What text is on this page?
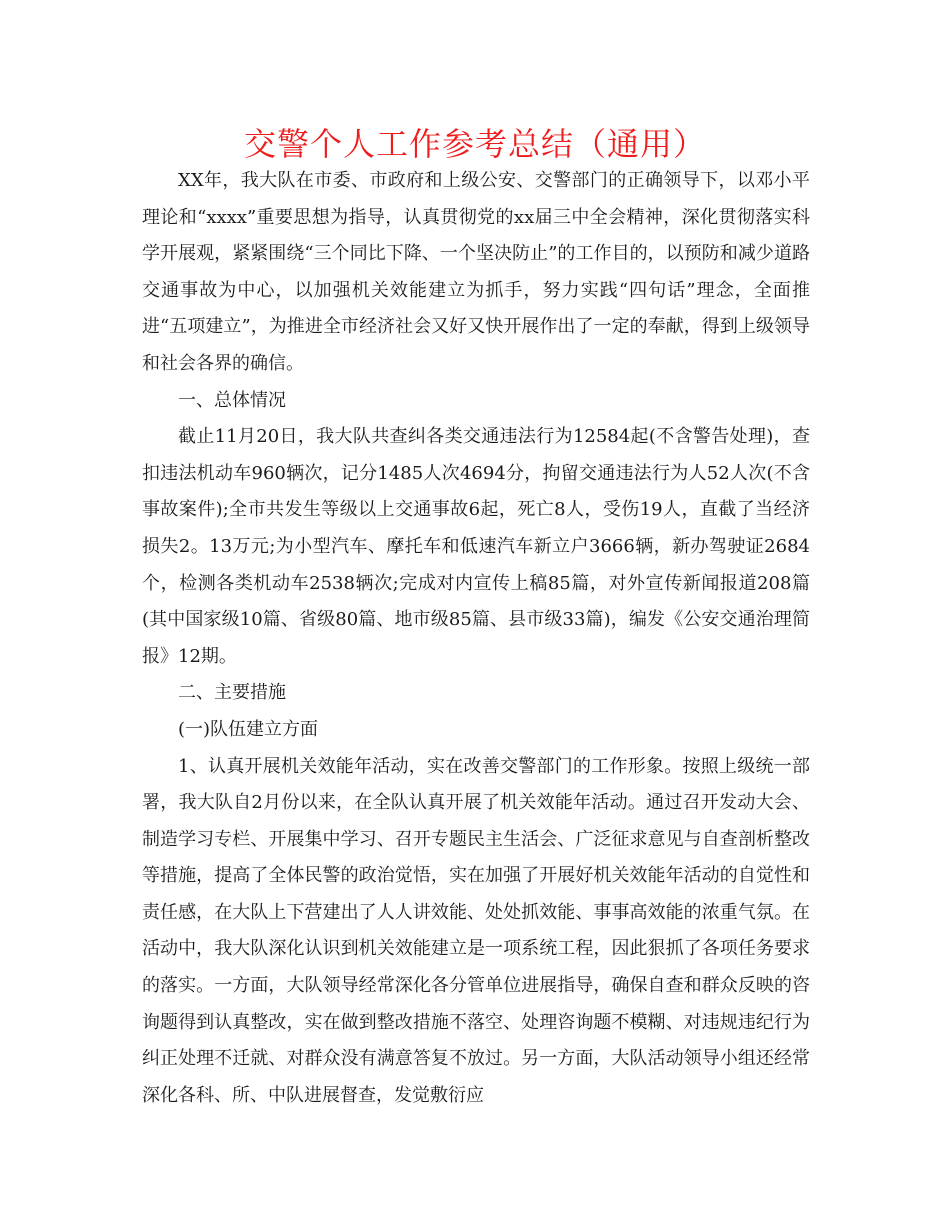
交警个人工作参考总结（通用）

XX年，我大队在市委、市政府和上级公安、交警部门的正确领导下，以邓小平理论和“xxxx”重要思想为指导，认真贯彻党的xx届三中全会精神，深化贯彻落实科学开展观，紧紧围绕“三个同比下降、一个坚决防止”的工作目的，以预防和减少道路交通事故为中心，以加强机关效能建立为抓手，努力实践“四句话”理念，全面推进“五项建立”，为推进全市经济社会又好又快开展作出了一定的奉献，得到上级领导和社会各界的确信。

一、总体情况

截止11月20日，我大队共查纠各类交通违法行为12584起(不含警告处理)，查扣违法机动车960辆次，记分1485人次4694分，拘留交通违法行为人52人次(不含事故案件);全市共发生等级以上交通事故6起，死亡8人，受伤19人，直截了当经济损失2。13万元;为小型汽车、摩托车和低速汽车新立户3666辆，新办驾驶证2684个，检测各类机动车2538辆次;完成对内宣传上稿85篇，对外宣传新闻报道208篇(其中国家级10篇、省级80篇、地市级85篇、县市级33篇)，编发《公安交通治理简报》12期。

二、主要措施

(一)队伍建立方面

1、认真开展机关效能年活动，实在改善交警部门的工作形象。按照上级统一部署，我大队自2月份以来，在全队认真开展了机关效能年活动。通过召开发动大会、制造学习专栏、开展集中学习、召开专题民主生活会、广泛征求意见与自查剖析整改等措施，提高了全体民警的政治觉悟，实在加强了开展好机关效能年活动的自觉性和责任感，在大队上下营建出了人人讲效能、处处抓效能、事事高效能的浓重气氛。在活动中，我大队深化认识到机关效能建立是一项系统工程，因此狠抓了各项任务要求的落实。一方面，大队领导经常深化各分管单位进展指导，确保自查和群众反映的咨询题得到认真整改，实在做到整改措施不落空、处理咨询题不模糊、对违规违纪行为纠正处理不迁就、对群众没有满意答复不放过。另一方面，大队活动领导小组还经常深化各科、所、中队进展督查，发觉敷衍应
